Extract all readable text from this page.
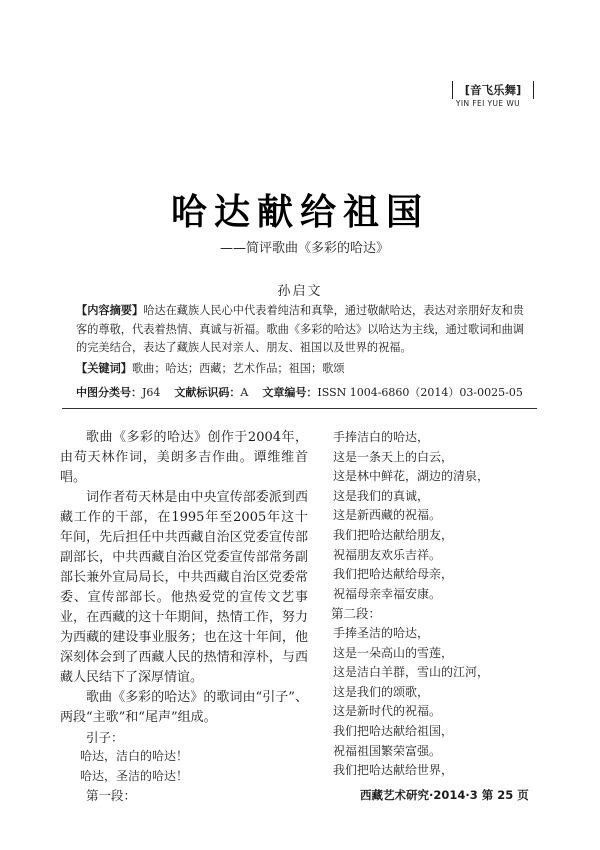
[音飞乐舞]
YIN FEI YUE WU
哈达献给祖国
——简评歌曲《多彩的哈达》
孙启文
【内容摘要】哈达在藏族人民心中代表着纯洁和真挚，通过敬献哈达，表达对亲朋好友和贵客的尊敬，代表着热情、真诚与祈福。歌曲《多彩的哈达》以哈达为主线，通过歌词和曲调的完美结合，表达了藏族人民对亲人、朋友、祖国以及世界的祝福。
【关键词】歌曲；哈达；西藏；艺术作品；祖国；歌颂
中图分类号：J64 文献标识码：A 文章编号：ISSN 1004-6860（2014）03-0025-05

歌曲《多彩的哈达》创作于2004年，由苟天林作词，美朗多吉作曲。谭维维首唱。

词作者苟天林是由中央宣传部委派到西藏工作的干部，在1995年至2005年这十年间，先后担任中共西藏自治区党委宣传部副部长，中共西藏自治区党委宣传部常务副部长兼外宣局局长，中共西藏自治区党委常委、宣传部部长。他热爱党的宣传文艺事业，在西藏的这十年期间，热情工作，努力为西藏的建设事业服务；也在这十年间，他深刻体会到了西藏人民的热情和淳朴，与西藏人民结下了深厚情谊。

歌曲《多彩的哈达》的歌词由“引子”、两段“主歌”和“尾声”组成。

引子：

哈达，洁白的哈达！

哈达，圣洁的哈达！

第一段：

手捧洁白的哈达，

这是一条天上的白云，

这是林中鲜花，湖边的清泉，

这是我们的真诚，

这是新西藏的祝福。

我们把哈达献给朋友，

祝福朋友欢乐吉祥。

我们把哈达献给母亲，

祝福母亲幸福安康。

第二段：

手捧圣洁的哈达，

这是一朵高山的雪莲，

这是洁白羊群，雪山的江河，

这是我们的颂歌，

这是新时代的祝福。

我们把哈达献给祖国，

祝福祖国繁荣富强。

我们把哈达献给世界，

西藏艺术研究·2014·3 第 25 页
